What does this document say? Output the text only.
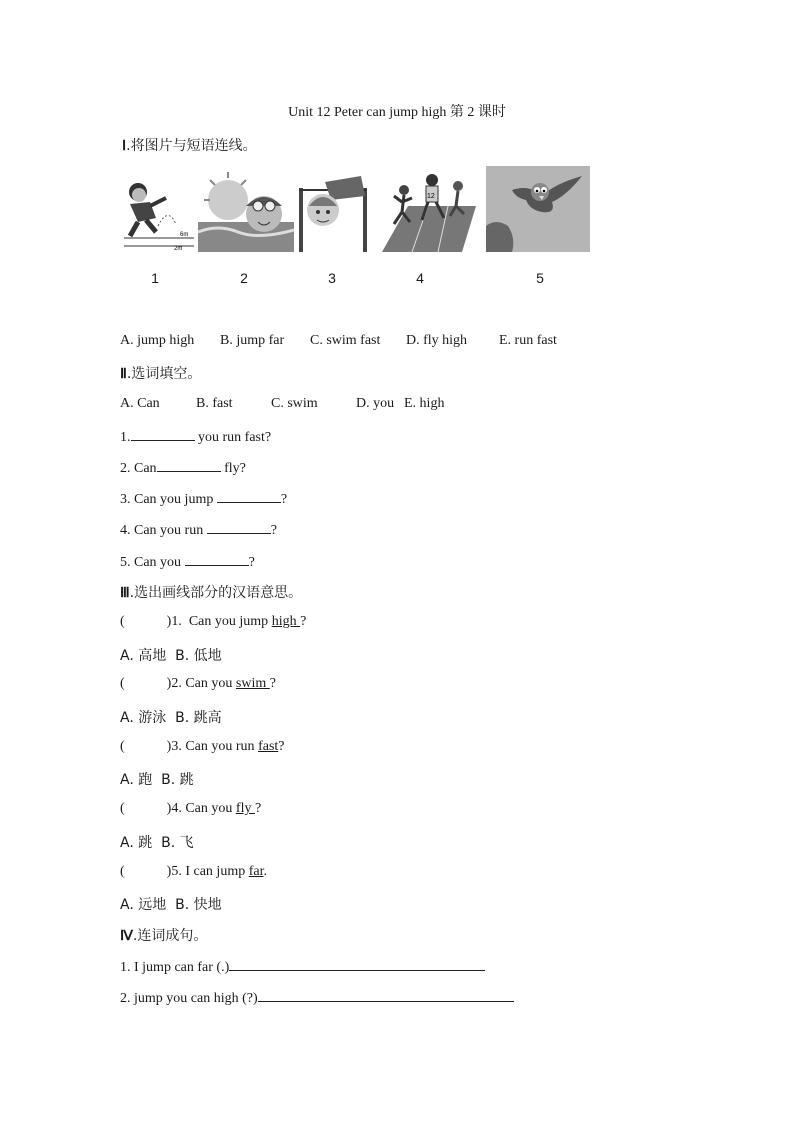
Unit 12 Peter can jump high 第 2 课时
Ⅰ.将图片与短语连线。
6m
2m
12
1	2	3	4	5
A. jump high B. jump far C. swim fast D. fly high E. run fast
Ⅱ.选词填空。
A. Can	B. fast	C. swim	D. you E. high
1.	you run fast?
2. Can	fly?
3. Can you jump	?
4. Can you run	?
5. Can you	?
Ⅲ.选出画线部分的汉语意思。
(	)1. Can you jump high ?
A. 高地 B. 低地
(	)2. Can you swim ?
A. 游泳 B. 跳高
(	)3. Can you run fast?
A. 跑 B. 跳
(	)4. Can you fly ?
A. 跳 B. 飞
(	)5. I can jump far.
A. 远地 B. 快地
Ⅳ.连词成句。
1. I jump can far (.)
2. jump you can high (?)
